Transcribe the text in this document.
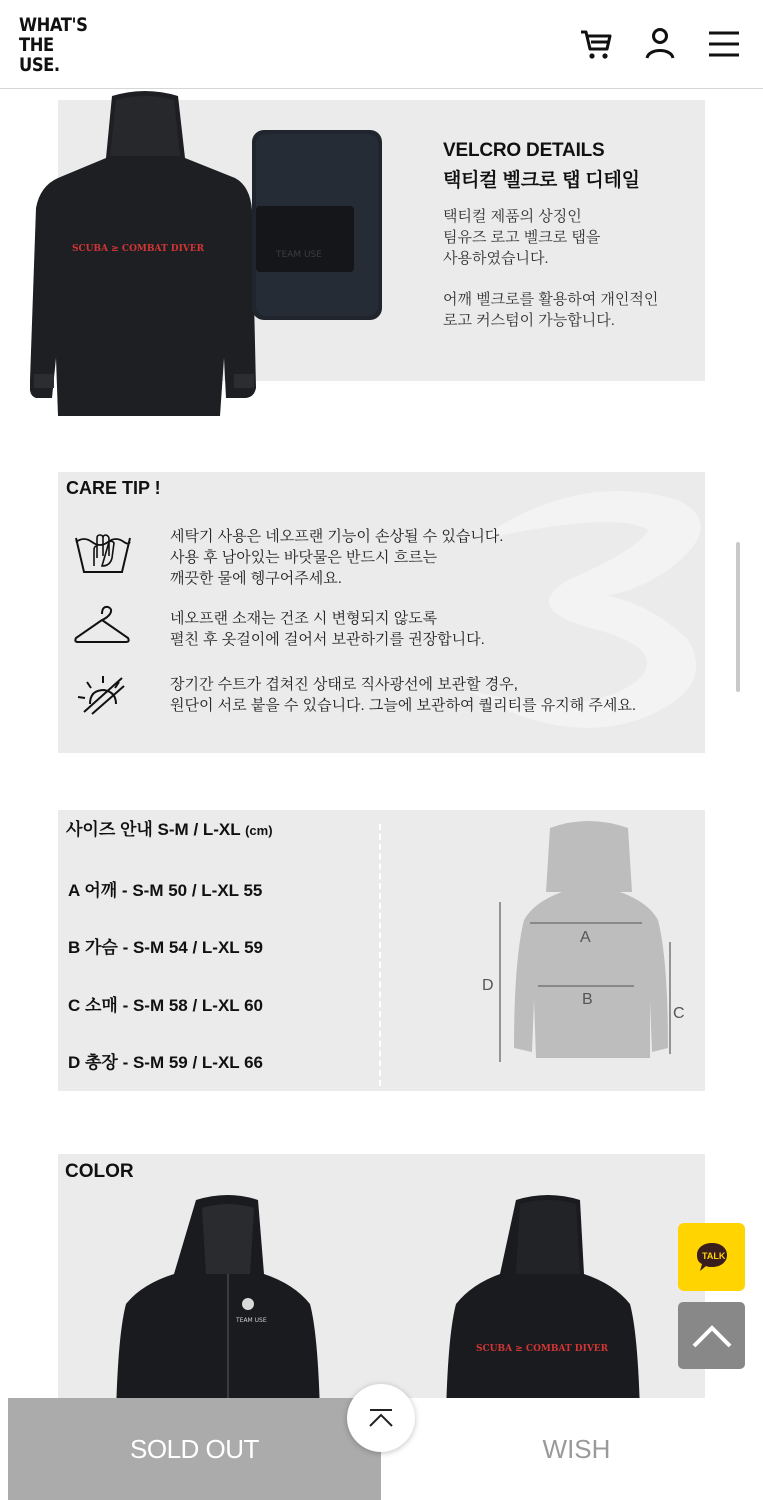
WHAT'S
THE
USE.
SCUBA ≥ COMBAT DIVER
TEAM USE
VELCRO DETAILS
택티컬 벨크로 탭 디테일
택티컬 제품의 상징인
팀유즈 로고 벨크로 탭을
사용하였습니다.
어깨 벨크로를 활용하여 개인적인
로고 커스텀이 가능합니다.
CARE TIP !
세탁기 사용은 네오프랜 기능이 손상될 수 있습니다.
사용 후 남아있는 바닷물은 반드시 흐르는
깨끗한 물에 헹구어주세요.
네오프랜 소재는 건조 시 변형되지 않도록
펼친 후 옷걸이에 걸어서 보관하기를 권장합니다.
장기간 수트가 겹쳐진 상태로 직사광선에 보관할 경우,
원단이 서로 붙을 수 있습니다. 그늘에 보관하여 퀄리티를 유지해 주세요.
사이즈 안내 S-M / L-XL (cm)
A 어깨 - S-M 50 / L-XL 55
B 가슴 - S-M 54 / L-XL 59
C 소매 - S-M 58 / L-XL 60
D 총장 - S-M 59 / L-XL 66
A
B
C
D
COLOR
TEAM USE
SCUBA ≥ COMBAT DIVER
TALK
SOLD OUT	WISH
